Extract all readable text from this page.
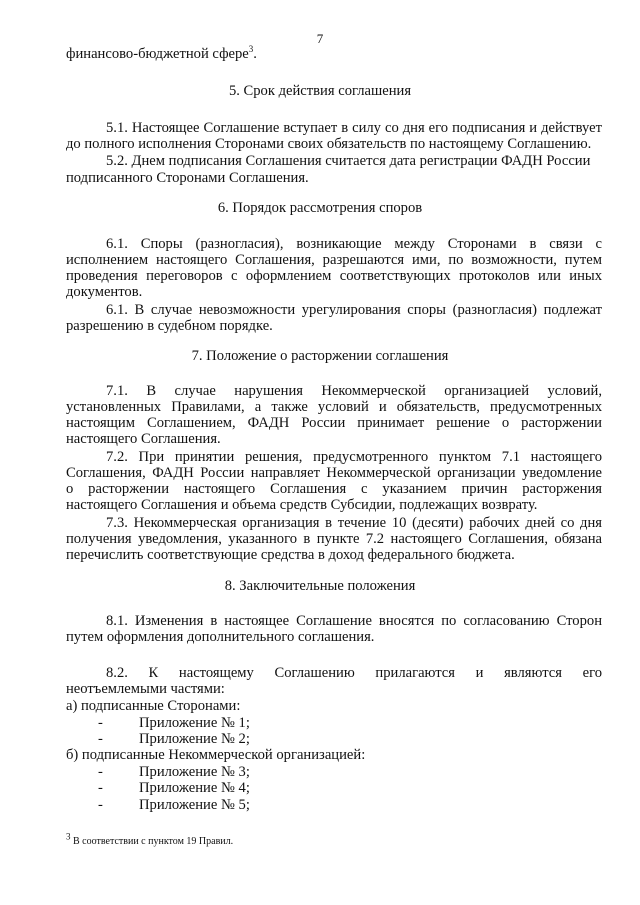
7
финансово-бюджетной сфере$^3$.
5. Срок действия соглашения
5.1. Настоящее Соглашение вступает в силу со дня его подписания и действует
до полного исполнения Сторонами своих обязательств по настоящему Соглашению.
5.2. Днем подписания Соглашения считается дата регистрации ФАДН России
подписанного Сторонами Соглашения.
6. Порядок рассмотрения споров
6.1. Споры (разногласия), возникающие между Сторонами в связи с
исполнением настоящего Соглашения, разрешаются ими, по возможности, путем
проведения переговоров с оформлением соответствующих протоколов или иных
документов.
6.1. В случае невозможности урегулирования споры (разногласия) подлежат
разрешению в судебном порядке.
7. Положение о расторжении соглашения
7.1. В случае нарушения Некоммерческой организацией условий,
установленных Правилами, а также условий и обязательств, предусмотренных
настоящим Соглашением, ФАДН России принимает решение о расторжении
настоящего Соглашения.
7.2. При принятии решения, предусмотренного пунктом 7.1 настоящего
Соглашения, ФАДН России направляет Некоммерческой организации уведомление
о расторжении настоящего Соглашения с указанием причин расторжения
настоящего Соглашения и объема средств Субсидии, подлежащих возврату.
7.3. Некоммерческая организация в течение 10 (десяти) рабочих дней со дня
получения уведомления, указанного в пункте 7.2 настоящего Соглашения, обязана
перечислить соответствующие средства в доход федерального бюджета.
8. Заключительные положения
8.1. Изменения в настоящее Соглашение вносятся по согласованию Сторон
путем оформления дополнительного соглашения.
8.2. К настоящему Соглашению прилагаются и являются его
неотъемлемыми частями:
а) подписанные Сторонами:
- Приложение № 1;
- Приложение № 2;
б) подписанные Некоммерческой организацией:
- Приложение № 3;
- Приложение № 4;
- Приложение № 5;
$^3$ В соответствии с пунктом 19 Правил.
